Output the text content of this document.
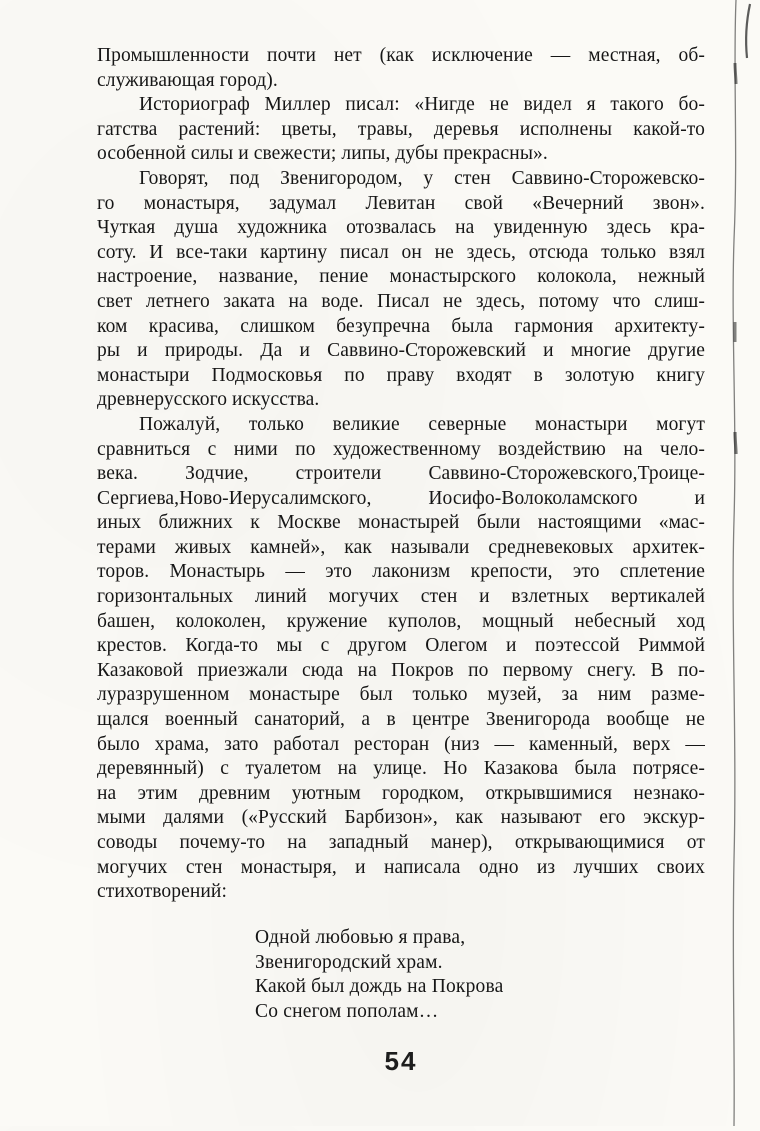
Промышленности почти нет (как исключение — местная, об-
служивающая город).
Историограф Миллер писал: «Нигде не видел я такого бо-
гатства растений: цветы, травы, деревья исполнены какой-то
особенной силы и свежести; липы, дубы прекрасны».
Говорят, под Звенигородом, у стен Саввино-Сторожевско-
го монастыря, задумал Левитан свой «Вечерний звон».
Чуткая душа художника отозвалась на увиденную здесь кра-
соту. И все-таки картину писал он не здесь, отсюда только взял
настроение, название, пение монастырского колокола, нежный
свет летнего заката на воде. Писал не здесь, потому что слиш-
ком красива, слишком безупречна была гармония архитекту-
ры и природы. Да и Саввино-Сторожевский и многие другие
монастыри Подмосковья по праву входят в золотую книгу
древнерусского искусства.
Пожалуй, только великие северные монастыри могут
сравниться с ними по художественному воздействию на чело-
века. Зодчие, строители Саввино-Сторожевского,Троице-
Сергиева,Ново-Иерусалимского, Иосифо-Волоколамского и
иных ближних к Москве монастырей были настоящими «мас-
терами живых камней», как называли средневековых архитек-
торов. Монастырь — это лаконизм крепости, это сплетение
горизонтальных линий могучих стен и взлетных вертикалей
башен, колоколен, кружение куполов, мощный небесный ход
крестов. Когда-то мы с другом Олегом и поэтессой Риммой
Казаковой приезжали сюда на Покров по первому снегу. В по-
луразрушенном монастыре был только музей, за ним разме-
щался военный санаторий, а в центре Звенигорода вообще не
было храма, зато работал ресторан (низ — каменный, верх —
деревянный) с туалетом на улице. Но Казакова была потрясе-
на этим древним уютным городком, открывшимися незнако-
мыми далями («Русский Барбизон», как называют его экскур-
соводы почему-то на западный манер), открывающимися от
могучих стен монастыря, и написала одно из лучших своих
стихотворений:
Одной любовью я права,
Звенигородский храм.
Какой был дождь на Покрова
Со снегом пополам…
54
